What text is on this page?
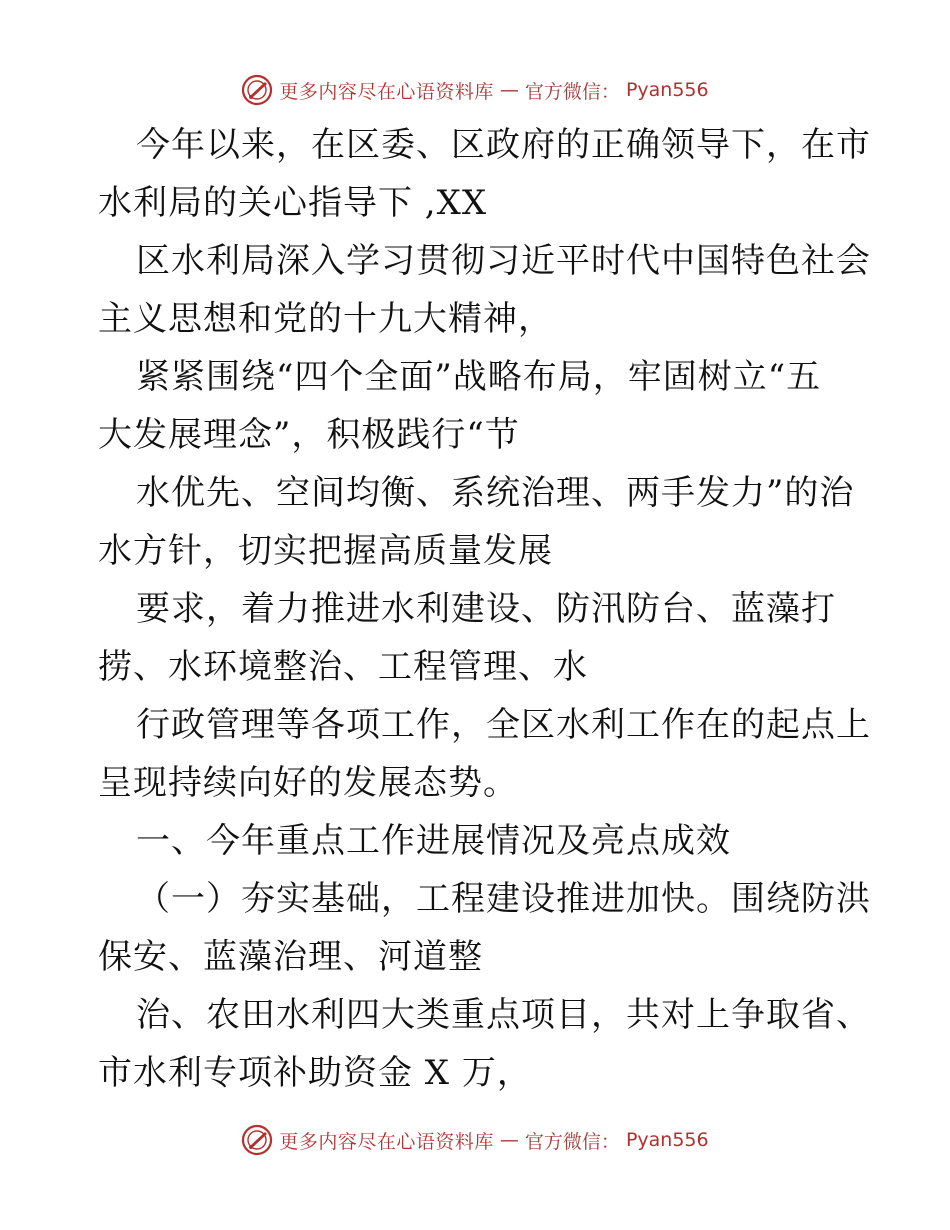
更多内容尽在心语资料库 — 官方微信： Pyan556
今年以来，在区委、区政府的正确领导下，在市
水利局的关心指导下 ,XX
区水利局深入学习贯彻习近平时代中国特色社会
主义思想和党的十九大精神，
紧紧围绕“四个全面”战略布局，牢固树立“五
大发展理念”，积极践行“节
水优先、空间均衡、系统治理、两手发力”的治
水方针，切实把握高质量发展
要求，着力推进水利建设、防汛防台、蓝藻打
捞、水环境整治、工程管理、水
行政管理等各项工作，全区水利工作在的起点上
呈现持续向好的发展态势。
一、今年重点工作进展情况及亮点成效
（一）夯实基础，工程建设推进加快。围绕防洪
保安、蓝藻治理、河道整
治、农田水利四大类重点项目，共对上争取省、
市水利专项补助资金 X 万，
更多内容尽在心语资料库 — 官方微信： Pyan556
